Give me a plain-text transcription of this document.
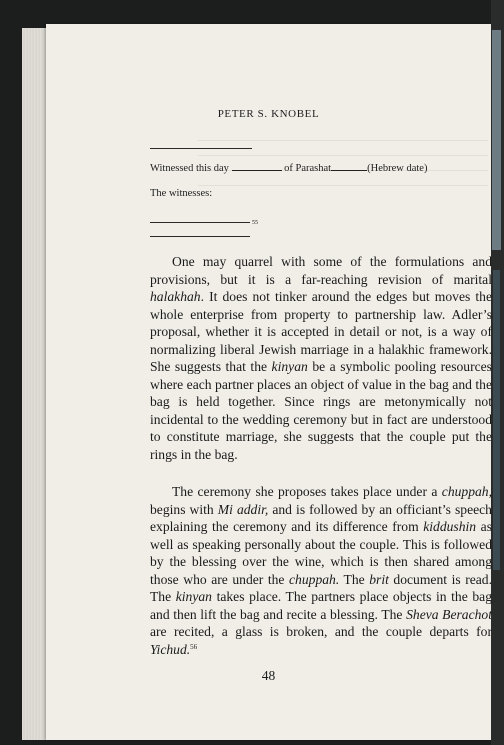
PETER S. KNOBEL
Witnessed this day	of Parashat	(Hebrew date)
The witnesses:
55

One may quarrel with some of the formulations and provisions, but it is a far-reaching revision of marital halakhah. It does not tinker around the edges but moves the whole enterprise from property to partnership law. Adler’s proposal, whether it is accepted in detail or not, is a way of normalizing liberal Jewish marriage in a halakhic framework. She suggests that the kinyan be a symbolic pooling resources where each partner places an object of value in the bag and the bag is held together. Since rings are metonymically not incidental to the wedding ceremony but in fact are understood to constitute marriage, she suggests that the couple put the rings in the bag.

The ceremony she proposes takes place under a chuppah, begins with Mi addir, and is followed by an officiant’s speech explaining the ceremony and its difference from kiddushin as well as speaking personally about the couple. This is followed by the blessing over the wine, which is then shared among those who are under the chuppah. The brit document is read. The kinyan takes place. The partners place objects in the bag and then lift the bag and recite a blessing. The Sheva Berachot are recited, a glass is broken, and the couple departs for Yichud.$^{56}$

48
